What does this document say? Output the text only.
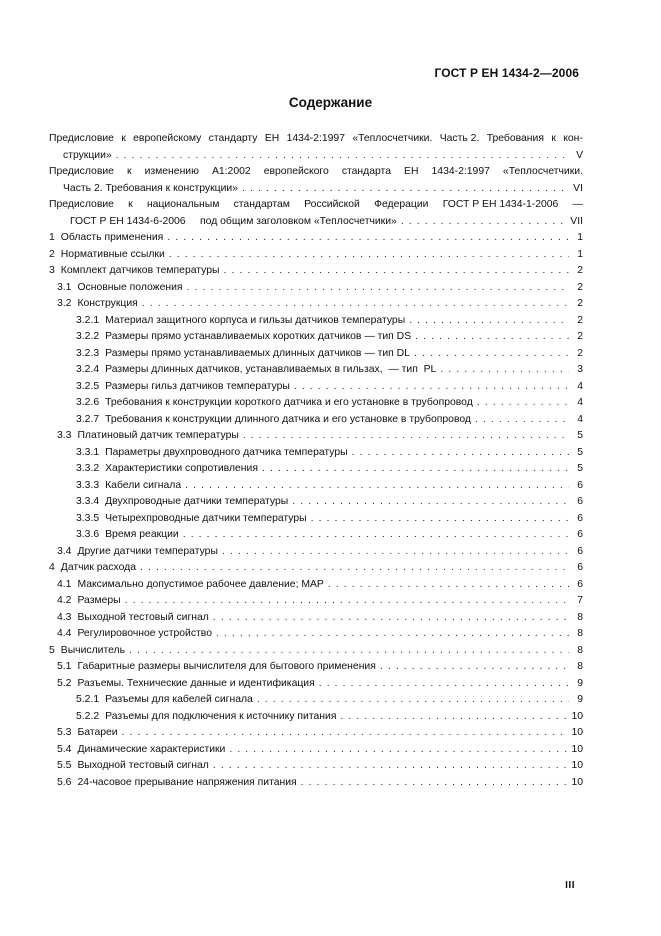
ГОСТ Р ЕН 1434-2—2006
Содержание
Предисловие к европейскому стандарту ЕН 1434-2:1997 «Теплосчетчики. Часть 2. Требования к кон-
струкции» . . .	V
Предисловие к изменению А1:2002 европейского стандарта ЕН 1434-2:1997 «Теплосчетчики.
Часть 2. Требования к конструкции» . . .	VI
Предисловие к национальным стандартам Российской Федерации ГОСТ Р ЕН 1434-1-2006 —
ГОСТ Р ЕН 1434-6-2006     под общим заголовком «Теплосчетчики» . . .	VII
1 Область применения . . .	1
2 Нормативные ссылки . . .	1
3 Комплект датчиков температуры . . .	2
3.1 Основные положения . . .	2
3.2 Конструкция . . .	2
3.2.1 Материал защитного корпуса и гильзы датчиков температуры . . .	2
3.2.2 Размеры прямо устанавливаемых коротких датчиков — тип DS . . .	2
3.2.3 Размеры прямо устанавливаемых длинных датчиков — тип DL . . .	2
3.2.4 Размеры длинных датчиков, устанавливаемых в гильзах,  — тип  PL . . .	3
3.2.5 Размеры гильз датчиков температуры . . .	4
3.2.6 Требования к конструкции короткого датчика и его установке в трубопровод . . .	4
3.2.7 Требования к конструкции длинного датчика и его установке в трубопровод . . .	4
3.3 Платиновый датчик температуры . . .	5
3.3.1 Параметры двухпроводного датчика температуры . . .	5
3.3.2 Характеристики сопротивления . . .	5
3.3.3 Кабели сигнала . . .	6
3.3.4 Двухпроводные датчики температуры . . .	6
3.3.5 Четырехпроводные датчики температуры . . .	6
3.3.6 Время реакции . . .	6
3.4 Другие датчики температуры . . .	6
4 Датчик расхода . . .	6
4.1 Максимально допустимое рабочее давление; МАР . . .	6
4.2 Размеры . . .	7
4.3 Выходной тестовый сигнал . . .	8
4.4 Регулировочное устройство . . .	8
5 Вычислитель . . .	8
5.1 Габаритные размеры вычислителя для бытового применения . . .	8
5.2 Разъемы. Технические данные и идентификация . . .	9
5.2.1 Разъемы для кабелей сигнала . . .	9
5.2.2 Разъемы для подключения к источнику питания . . .	10
5.3 Батареи . . .	10
5.4 Динамические характеристики . . .	10
5.5 Выходной тестовый сигнал . . .	10
5.6 24-часовое прерывание напряжения питания . . .	10
III
